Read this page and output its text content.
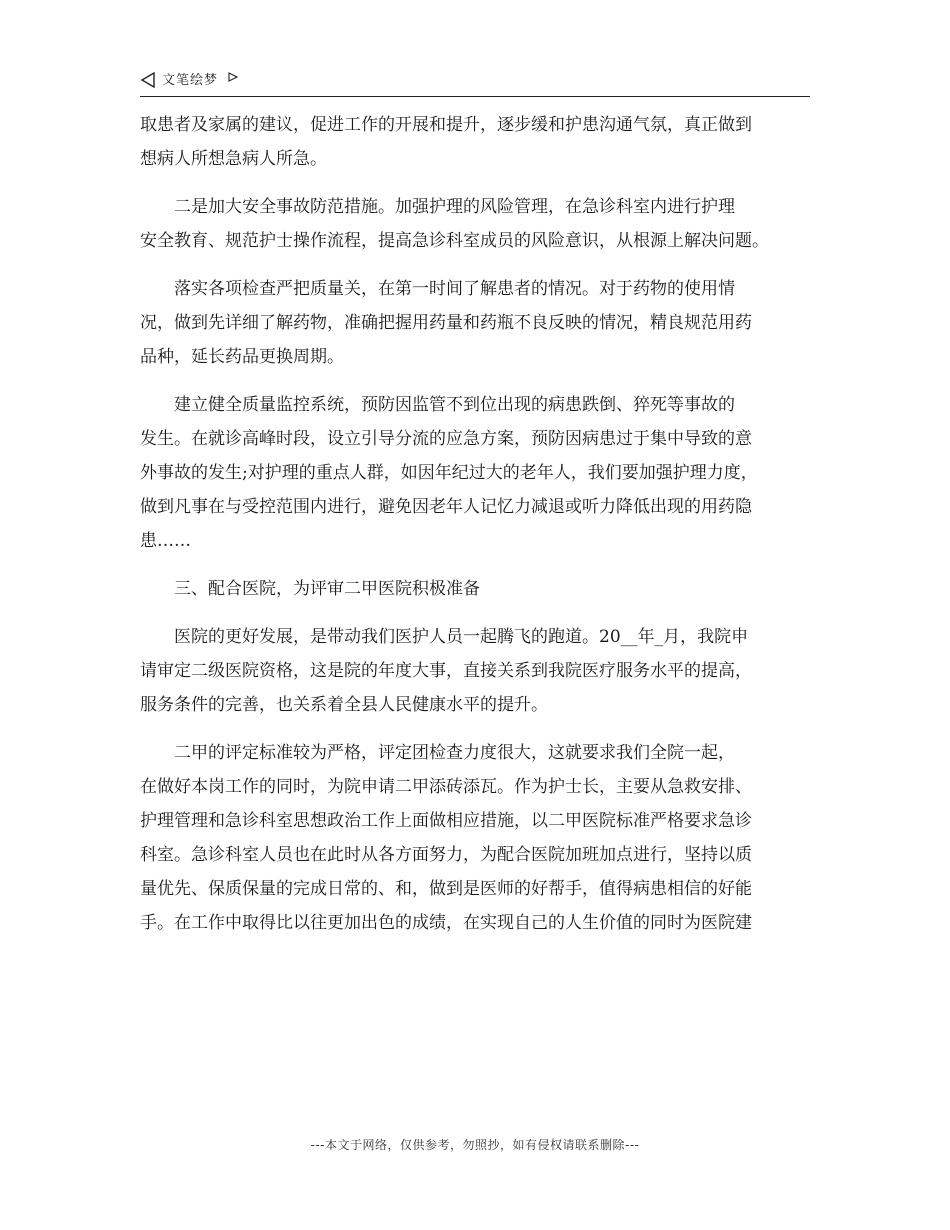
文笔绘梦
取患者及家属的建议，促进工作的开展和提升，逐步缓和护患沟通气氛，真正做到
想病人所想急病人所急。
二是加大安全事故防范措施。加强护理的风险管理，在急诊科室内进行护理
安全教育、规范护士操作流程，提高急诊科室成员的风险意识，从根源上解决问题。
落实各项检查严把质量关，在第一时间了解患者的情况。对于药物的使用情
况，做到先详细了解药物，准确把握用药量和药瓶不良反映的情况，精良规范用药
品种，延长药品更换周期。
建立健全质量监控系统，预防因监管不到位出现的病患跌倒、猝死等事故的
发生。在就诊高峰时段，设立引导分流的应急方案，预防因病患过于集中导致的意
外事故的发生;对护理的重点人群，如因年纪过大的老年人，我们要加强护理力度，
做到凡事在与受控范围内进行，避免因老年人记忆力减退或听力降低出现的用药隐
患……
三、配合医院，为评审二甲医院积极准备
医院的更好发展，是带动我们医护人员一起腾飞的跑道。20__年_月，我院申
请审定二级医院资格，这是院的年度大事，直接关系到我院医疗服务水平的提高，
服务条件的完善，也关系着全县人民健康水平的提升。
二甲的评定标准较为严格，评定团检查力度很大，这就要求我们全院一起，
在做好本岗工作的同时，为院申请二甲添砖添瓦。作为护士长，主要从急救安排、
护理管理和急诊科室思想政治工作上面做相应措施，以二甲医院标准严格要求急诊
科室。急诊科室人员也在此时从各方面努力，为配合医院加班加点进行，坚持以质
量优先、保质保量的完成日常的、和，做到是医师的好帮手，值得病患相信的好能
手。在工作中取得比以往更加出色的成绩，在实现自己的人生价值的同时为医院建
---本文于网络，仅供参考，勿照抄，如有侵权请联系删除---
